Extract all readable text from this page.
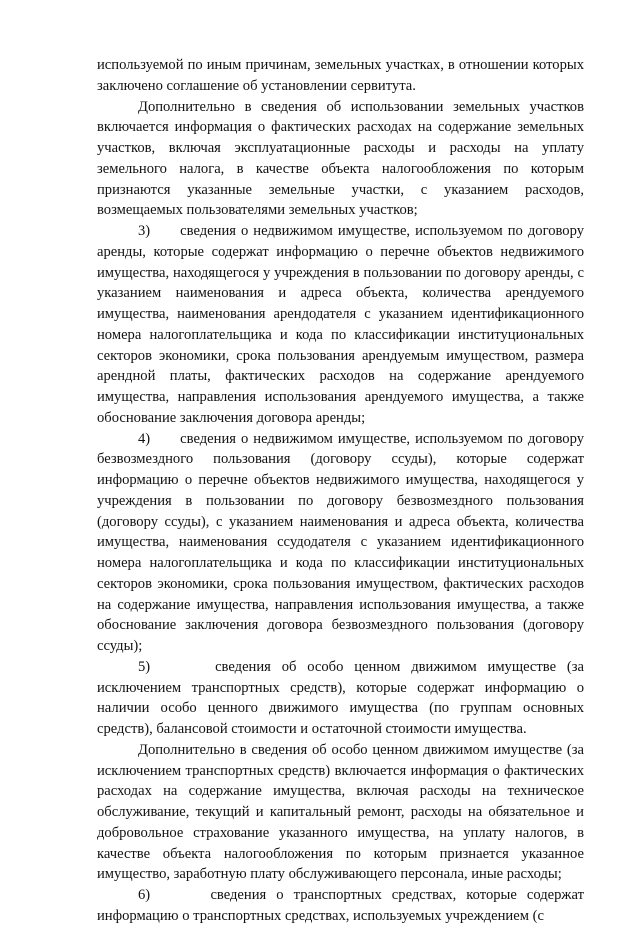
используемой по иным причинам, земельных участках, в отношении которых заключено соглашение об установлении сервитута.

Дополнительно в сведения об использовании земельных участков включается информация о фактических расходах на содержание земельных участков, включая эксплуатационные расходы и расходы на уплату земельного налога, в качестве объекта налогообложения по которым признаются указанные земельные участки, с указанием расходов, возмещаемых пользователями земельных участков;

3)      сведения о недвижимом имуществе, используемом по договору аренды, которые содержат информацию о перечне объектов недвижимого имущества, находящегося у учреждения в пользовании по договору аренды, с указанием наименования и адреса объекта, количества арендуемого имущества, наименования арендодателя с указанием идентификационного номера налогоплательщика и кода по классификации институциональных секторов экономики, срока пользования арендуемым имуществом, размера арендной платы, фактических расходов на содержание арендуемого имущества, направления использования арендуемого имущества, а также обоснование заключения договора аренды;

4)      сведения о недвижимом имуществе, используемом по договору безвозмездного пользования (договору ссуды), которые содержат информацию о перечне объектов недвижимого имущества, находящегося у учреждения в пользовании по договору безвозмездного пользования (договору ссуды), с указанием наименования и адреса объекта, количества имущества, наименования ссудодателя с указанием идентификационного номера налогоплательщика и кода по классификации институциональных секторов экономики, срока пользования имуществом, фактических расходов на содержание имущества, направления использования имущества, а также обоснование заключения договора безвозмездного пользования (договору ссуды);

5)      сведения об особо ценном движимом имуществе (за исключением транспортных средств), которые содержат информацию о наличии особо ценного движимого имущества (по группам основных средств), балансовой стоимости и остаточной стоимости имущества.

Дополнительно в сведения об особо ценном движимом имуществе (за исключением транспортных средств) включается информация о фактических расходах на содержание имущества, включая расходы на техническое обслуживание, текущий и капитальный ремонт, расходы на обязательное и добровольное страхование указанного имущества, на уплату налогов, в качестве объекта налогообложения по которым признается указанное имущество, заработную плату обслуживающего персонала, иные расходы;

6)      сведения о транспортных средствах, которые содержат информацию о транспортных средствах, используемых учреждением (с
